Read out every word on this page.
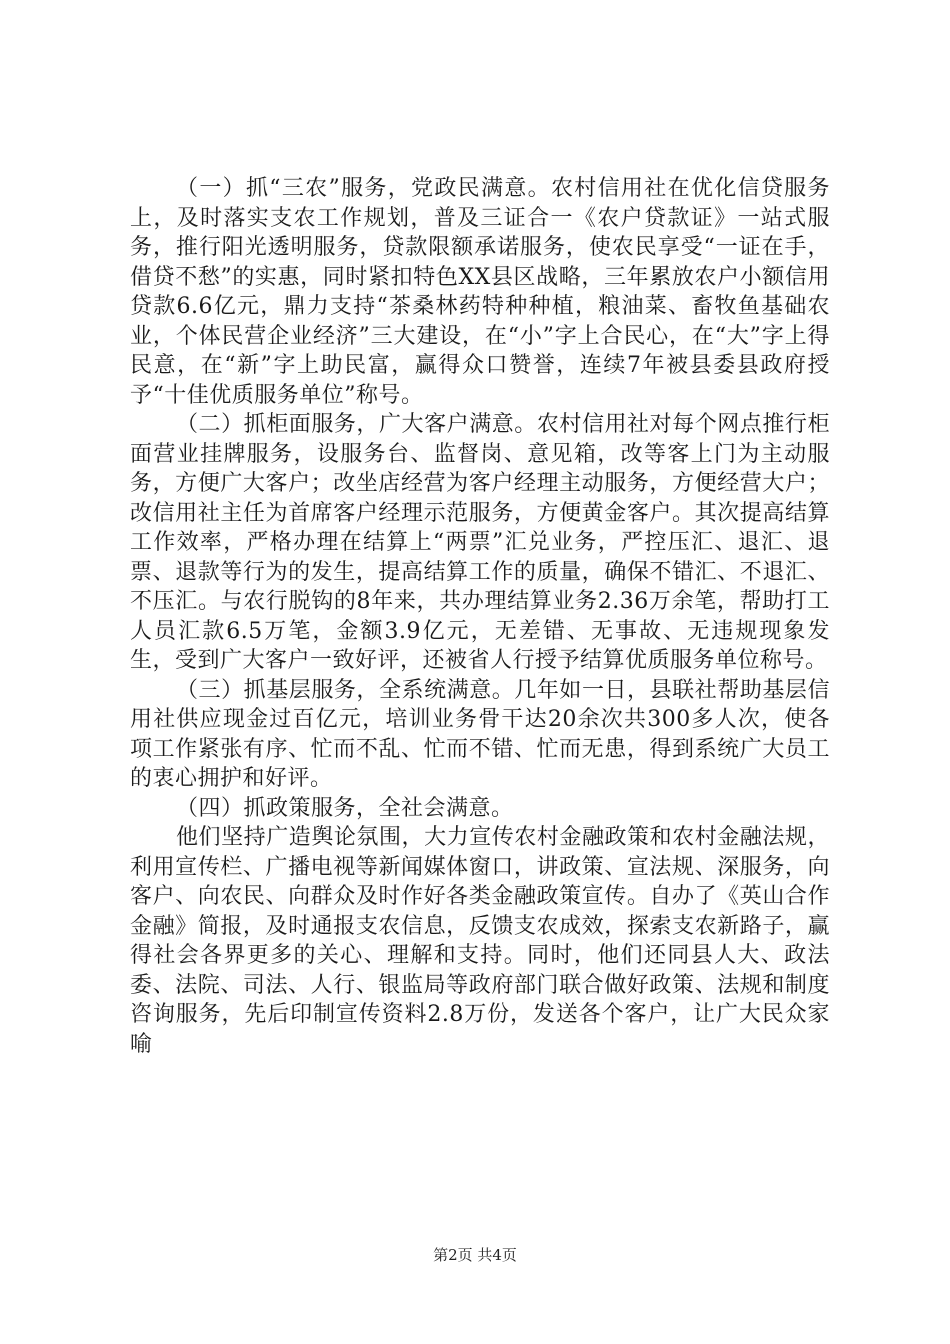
（一）抓“三农”服务，党政民满意。农村信用社在优化信贷服务上，及时落实支农工作规划，普及三证合一《农户贷款证》一站式服务，推行阳光透明服务，贷款限额承诺服务，使农民享受“一证在手，借贷不愁”的实惠，同时紧扣特色XX县区战略，三年累放农户小额信用贷款6.6亿元，鼎力支持“茶桑林药特种种植，粮油菜、畜牧鱼基础农业，个体民营企业经济”三大建设，在“小”字上合民心，在“大”字上得民意，在“新”字上助民富，赢得众口赞誉，连续7年被县委县政府授予“十佳优质服务单位”称号。

（二）抓柜面服务，广大客户满意。农村信用社对每个网点推行柜面营业挂牌服务，设服务台、监督岗、意见箱，改等客上门为主动服务，方便广大客户；改坐店经营为客户经理主动服务，方便经营大户；改信用社主任为首席客户经理示范服务，方便黄金客户。其次提高结算工作效率，严格办理在结算上“两票”汇兑业务，严控压汇、退汇、退票、退款等行为的发生，提高结算工作的质量，确保不错汇、不退汇、不压汇。与农行脱钩的8年来，共办理结算业务2.36万余笔，帮助打工人员汇款6.5万笔，金额3.9亿元，无差错、无事故、无违规现象发生，受到广大客户一致好评，还被省人行授予结算优质服务单位称号。

（三）抓基层服务，全系统满意。几年如一日，县联社帮助基层信用社供应现金过百亿元，培训业务骨干达20余次共300多人次，使各项工作紧张有序、忙而不乱、忙而不错、忙而无患，得到系统广大员工的衷心拥护和好评。

（四）抓政策服务，全社会满意。

他们坚持广造舆论氛围，大力宣传农村金融政策和农村金融法规，利用宣传栏、广播电视等新闻媒体窗口，讲政策、宣法规、深服务，向客户、向农民、向群众及时作好各类金融政策宣传。自办了《英山合作金融》简报，及时通报支农信息，反馈支农成效，探索支农新路子，赢得社会各界更多的关心、理解和支持。同时，他们还同县人大、政法委、法院、司法、人行、银监局等政府部门联合做好政策、法规和制度咨询服务，先后印制宣传资料2.8万份，发送各个客户，让广大民众家喻

第2页 共4页
